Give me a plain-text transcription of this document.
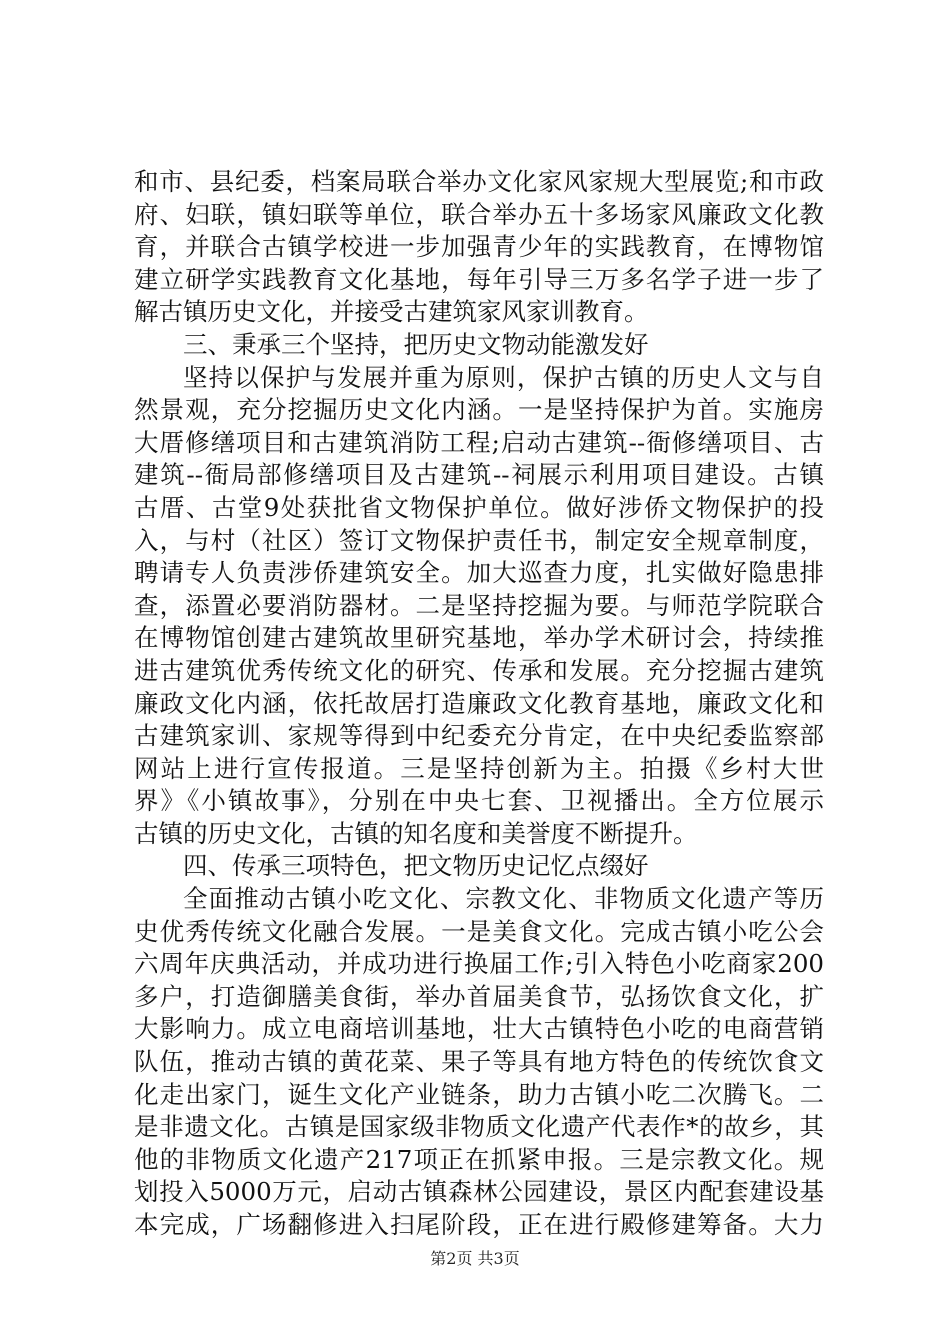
和市、县纪委，档案局联合举办文化家风家规大型展览;和市政
府、妇联，镇妇联等单位，联合举办五十多场家风廉政文化教
育，并联合古镇学校进一步加强青少年的实践教育，在博物馆
建立研学实践教育文化基地，每年引导三万多名学子进一步了
解古镇历史文化，并接受古建筑家风家训教育。
三、秉承三个坚持，把历史文物动能激发好
坚持以保护与发展并重为原则，保护古镇的历史人文与自
然景观，充分挖掘历史文化内涵。一是坚持保护为首。实施房
大厝修缮项目和古建筑消防工程;启动古建筑--衙修缮项目、古
建筑--衙局部修缮项目及古建筑--祠展示利用项目建设。古镇
古厝、古堂9处获批省文物保护单位。做好涉侨文物保护的投
入，与村（社区）签订文物保护责任书，制定安全规章制度，
聘请专人负责涉侨建筑安全。加大巡查力度，扎实做好隐患排
查，添置必要消防器材。二是坚持挖掘为要。与师范学院联合
在博物馆创建古建筑故里研究基地，举办学术研讨会，持续推
进古建筑优秀传统文化的研究、传承和发展。充分挖掘古建筑
廉政文化内涵，依托故居打造廉政文化教育基地，廉政文化和
古建筑家训、家规等得到中纪委充分肯定，在中央纪委监察部
网站上进行宣传报道。三是坚持创新为主。拍摄《乡村大世
界》《小镇故事》，分别在中央七套、卫视播出。全方位展示
古镇的历史文化，古镇的知名度和美誉度不断提升。
四、传承三项特色，把文物历史记忆点缀好
全面推动古镇小吃文化、宗教文化、非物质文化遗产等历
史优秀传统文化融合发展。一是美食文化。完成古镇小吃公会
六周年庆典活动，并成功进行换届工作;引入特色小吃商家200
多户，打造御膳美食街，举办首届美食节，弘扬饮食文化，扩
大影响力。成立电商培训基地，壮大古镇特色小吃的电商营销
队伍，推动古镇的黄花菜、果子等具有地方特色的传统饮食文
化走出家门，诞生文化产业链条，助力古镇小吃二次腾飞。二
是非遗文化。古镇是国家级非物质文化遗产代表作*的故乡，其
他的非物质文化遗产217项正在抓紧申报。三是宗教文化。规
划投入5000万元，启动古镇森林公园建设，景区内配套建设基
本完成，广场翻修进入扫尾阶段，正在进行殿修建筹备。大力
第2页 共3页
